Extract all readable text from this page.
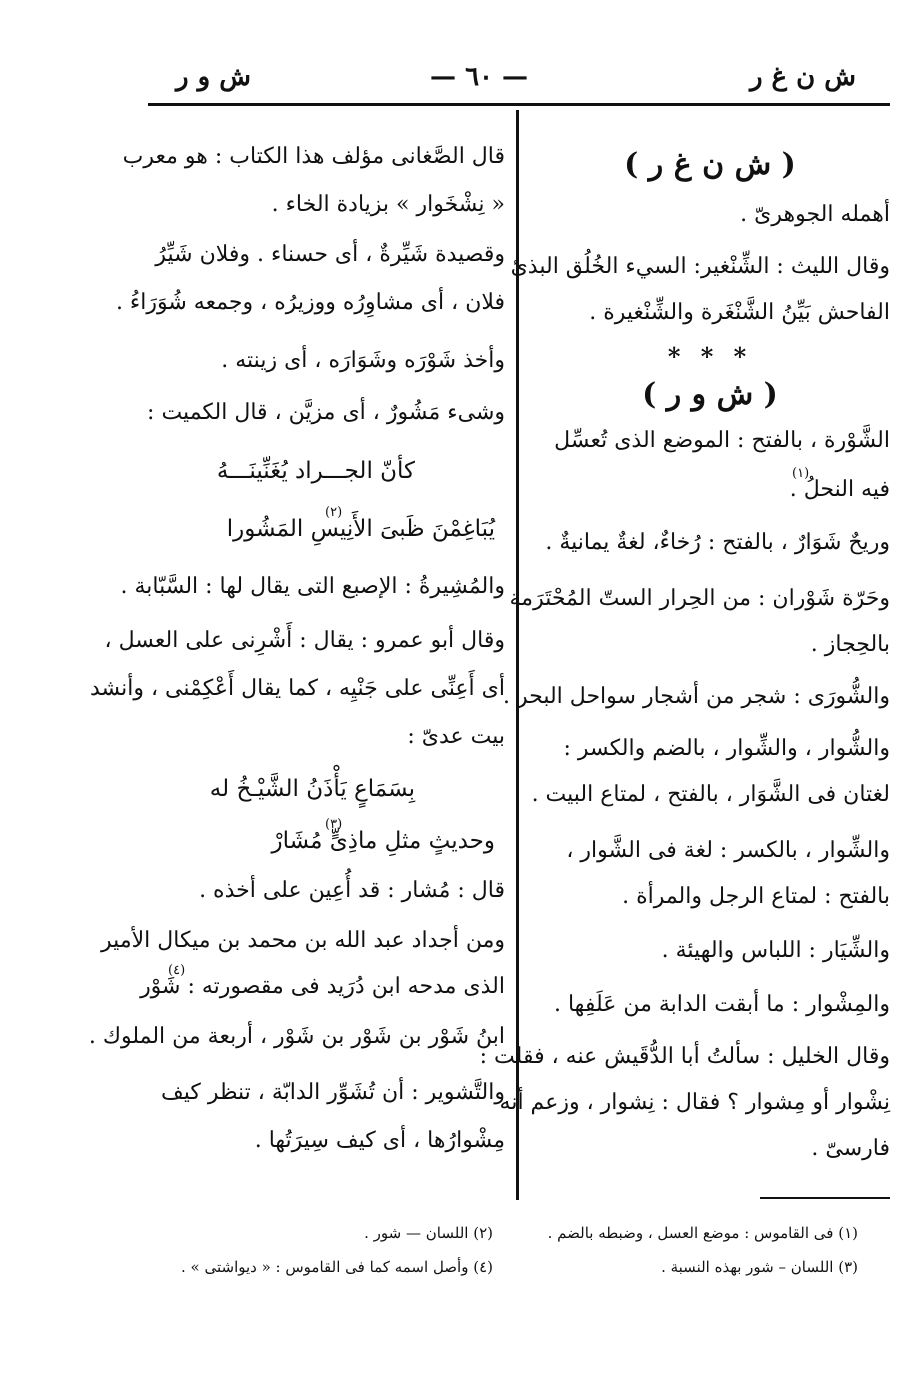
ش ن غ ر
— ٦٠ —
ش و ر
( ش ن غ ر )
أهمله الجوهرىّ .
وقال الليث : الشِّنْغير: السيء الخُلُق البذئ
الفاحش بَيِّنُ الشَّنْغَرة والشِّنْغيرة .
* * *
( ش و ر )
الشَّوْرة ، بالفتح : الموضع الذى تُعسِّل
فيه النحلُ .
(١)
وريحٌ شَوَارٌ ، بالفتح : رُخاءٌ، لغةٌ يمانيةٌ .
وحَرّة شَوْران : من الحِرار الستّ المُحْتَرَمة
بالحِجاز .
والشُّورَى : شجر من أشجار سواحل البحر .
والشُّوار ، والشِّوار ، بالضم والكسر :
لغتان فى الشَّوَار ، بالفتح ، لمتاع البيت .
والشِّوار ، بالكسر : لغة فى الشَّوار ،
بالفتح : لمتاع الرجل والمرأة .
والشِّيَار : اللباس والهيئة .
والمِشْوار : ما أبقت الدابة من عَلَفِها .
وقال الخليل : سألتُ أبا الدُّقَيش عنه ، فقلت :
نِشْوار أو مِشوار ؟ فقال : نِشوار ، وزعم أنه
فارسىّ .
قال الصَّغانى مؤلف هذا الكتاب : هو معرب
« نِشْخَوار » بزيادة الخاء .
وقصيدة شَيِّرةٌ ، أى حسناء . وفلان شَيِّرُ
فلان ، أى مشاوِرُه ووزيرُه ، وجمعه شُوَرَاءُ .
وأخذ شَوْرَه وشَوَارَه ، أى زينته .
وشىء مَشُورٌ ، أى مزيَّن ، قال الكميت :
كأنّ الجـــراد يُغَنِّينَـــهُ
يُبَاغِمْنَ ظَبىَ الأَنِيسِ المَشُورا
(٢)
والمُشِيرةُ : الإصبع التى يقال لها : السَّبّابة .
وقال أبو عمرو : يقال : أَشْرِنى على العسل ،
أى أَعِنِّى على جَنْيِه ، كما يقال أَعْكِمْنى ، وأنشد
بيت عدىّ :
بِسَمَاعٍ يَأْذَنُ الشَّيْـخُ له
وحديثٍ مثلِ ماذِىٍّ مُشَارْ
(٣)
قال : مُشار : قد أُعِين على أخذه .
ومن أجداد عبد الله بن محمد بن ميكال الأمير
الذى مدحه ابن دُرَيد فى مقصورته : شَوْر
(٤)
ابنُ شَوْر بن شَوْر بن شَوْر ، أربعة من الملوك .
والتَّشوير : أن تُشَوِّر الدابّة ، تنظر كيف
مِشْوارُها ، أى كيف سِيرَتُها .
(١) فى القاموس : موضع العسل ، وضبطه بالضم .
(٣) اللسان – شور بهذه النسبة .
(٢) اللسان — شور .
(٤) وأصل اسمه كما فى القاموس : « ديواشتى » .
